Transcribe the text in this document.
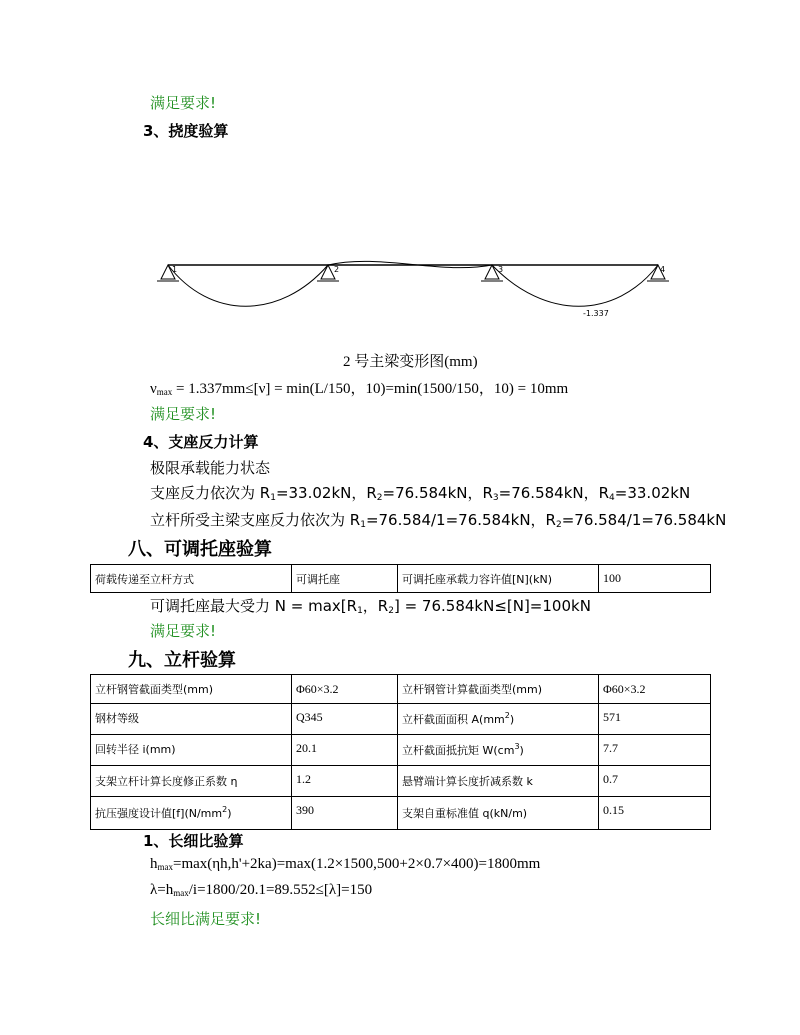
满足要求!
3、挠度验算
1	2	3	4
-1.337
2 号主梁变形图(mm)
$\nu_{max} = 1.337mm\le[\nu] = \min(L/150$，10)=min(1500/150，10) = 10mm
满足要求!
4、支座反力计算
极限承载能力状态
支座反力依次为 $R_1=33.02kN$，$R_2=76.584kN$，$R_3=76.584kN$，$R_4=33.02kN$
立杆所受主梁支座反力依次为 $R_1=76.584/1=76.584kN$，$R_2=76.584/1=76.584kN$
八、可调托座验算
荷载传递至立杆方式	可调托座	可调托座承载力容许值[N](kN)	100
可调托座最大受力 $N = \max[R_1$，$R_2] = 76.584kN\le[N]=100kN$
满足要求!
九、立杆验算
立杆钢管截面类型(mm)	Φ60×3.2	立杆钢管计算截面类型(mm)	Φ60×3.2
钢材等级	Q345	立杆截面面积 $A(mm^2)$	571
回转半径 i(mm)	20.1	立杆截面抵抗矩 $W(cm^3)$	7.7
支架立杆计算长度修正系数 η	1.2	悬臂端计算长度折减系数 k	0.7
抗压强度设计值$[f](N/mm^2)$	390	支架自重标准值 q(kN/m)	0.15
1、长细比验算
$h_{max}=\max(\eta h,h'+2ka)=\max(1.2\times 1500,500+2\times 0.7\times 400)=1800mm$
$\lambda=h_{max}/i=1800/20.1=89.552\le[\lambda]=150$
长细比满足要求!
